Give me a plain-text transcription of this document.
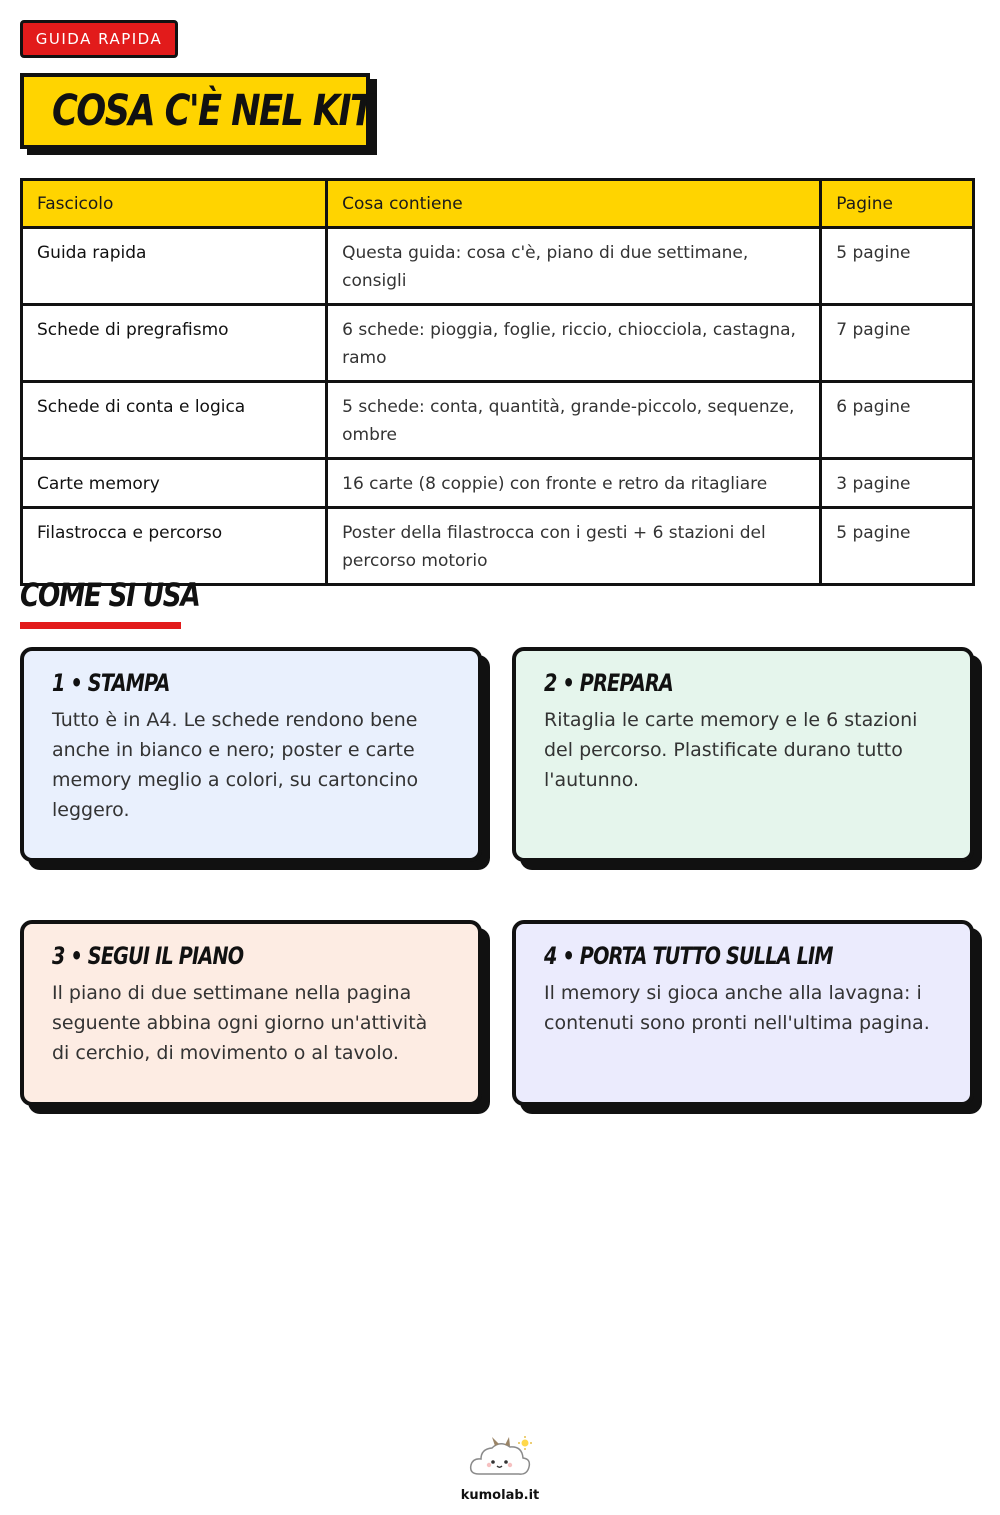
GUIDA RAPIDA
COSA C'È NEL KIT
Fascicolo	Cosa contiene	Pagine
Guida rapida	Questa guida: cosa c'è, piano di due settimane, consigli	5 pagine
Schede di pregrafismo	6 schede: pioggia, foglie, riccio, chiocciola, castagna, ramo	7 pagine
Schede di conta e logica	5 schede: conta, quantità, grande-piccolo, sequenze, ombre	6 pagine
Carte memory	16 carte (8 coppie) con fronte e retro da ritagliare	3 pagine
Filastrocca e percorso	Poster della filastrocca con i gesti + 6 stazioni del percorso motorio	5 pagine
COME SI USA
1 • STAMPA
Tutto è in A4. Le schede rendono bene anche in bianco e nero; poster e carte memory meglio a colori, su cartoncino leggero.
2 • PREPARA
Ritaglia le carte memory e le 6 stazioni del percorso. Plastificate durano tutto l'autunno.
3 • SEGUI IL PIANO
Il piano di due settimane nella pagina seguente abbina ogni giorno un'attività di cerchio, di movimento o al tavolo.
4 • PORTA TUTTO SULLA LIM
Il memory si gioca anche alla lavagna: i contenuti sono pronti nell'ultima pagina.
kumolab.it
